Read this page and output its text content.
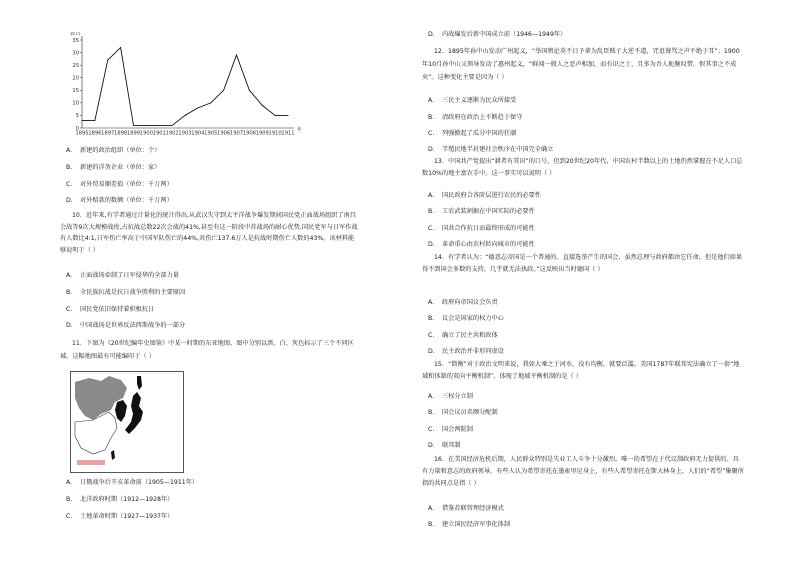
0
5
10
15
20
25
30
35
1895 1896 1897 1898 1899 1900 1901 1902 1903 1904 1905 1906 1907 1908 1909 1910 1911
数目
年
A. 新建的政治组织（单位：个）
B. 新建的洋务企业（单位：家）
C. 对外贸易顺差值（单位：千万两）
D. 对外赔款的数额（单位：千万两）
10．近年来,有学者通过计量化的统计得出,从武汉失守到太平洋战争爆发期间国民党正面战场组织了南昌会战等9次大规模战役,占抗战总数22次会战的41%,甚至有这一阶段中苏战场的耐心优势,国民党军与日军作战有人数比4:1,日军伤亡率高于中国军队伤亡的44%,共伤亡137.6万人是抗战时期伤亡人数的43%。该材料能够说明于（ ）
A. 正面战场牵制了日军侵华的全部力量
B. 全民族抗战是抗日战争胜利的主要原因
C. 国民党依旧保持着积极抗日
D. 中国战场是世界反法西斯战争的一部分
11．下图为《20世纪编年史图鉴》中某一时期的东亚地图，图中分别以黑、白、灰色标示了三个不同区域。这幅地图最有可能编印于（ ）
A. 日俄战争后辛亥革命前（1905—1911年）
B. 北洋政府时期（1912—1928年）
C. 土地革命时期（1927—1937年）
D. 内战爆发后新中国成立前（1946—1949年）
12．1895年孙中山发动广州起义，“举国舆论莫不目予辈为乱臣贼子大逆不道，咒诅谩骂之声不绝于耳”；1900年10月孙中山又领导发动了惠州起义，“鲜闻一般人之恶声相加，而有识之士，且多为吾人扼腕叹惜，恨其事之不成矣”。这种变化主要是因为（ ）
A. 三民主义逐渐为民众所接受
B. 清政府在政治上不断趋于保守
C. 列强掀起了瓜分中国的狂潮
D. 半殖民地半封建社会秩序在中国完全确立
13．中国共产党提出“耕者有其田”的口号，但到20世纪20年代，中国农村半数以上的土地仍然掌握在不足人口总数10%的地主富农手中。这一事实可以说明（ ）
A. 国民政府合各阶层进行农民的必要性
B. 工农武装割据在中国实际的必要性
C. 国共合作抗日而最终形成的可能性
D. 革命重心由农村转向城市的可能性
14．有学者认为：“德意志帝国是一个普通的、直接选举产生的国会，虽然总理与政府都由它任命，但是他们如果得不到国会多数的支持，几乎就无法执政。”这反映出当时德国（ ）
A. 政府向帝国议会负责
B. 议会是国家的权力中心
C. 确立了民主共和政体
D. 民主政治并非形同虚设
15．“简衡”对于政治文明来说，我如大乘之于河水，没有均衡，就要泛滥。美国1787年联邦宪法确立了一套“地域和体制的双向平衡机制”。体现了地域平衡机制的是（ ）
A. 三权分立制
B. 国会议员名额分配制
C. 国会两院制
D. 联邦制
16．在美国经济危机后期，人民群众特别是失业工人斗争十分激烈。唯一的希望在于代议制政府无力提供的、具有力量和意志的政府领导。有些人认为希望寄托在墨索里尼身上，有些人希望寄托在斯大林身上，人们的“希望”集聚所指的共同点是指（ ）
A. 借鉴苏联管理经济模式
B. 建立国民经济军事化体制
